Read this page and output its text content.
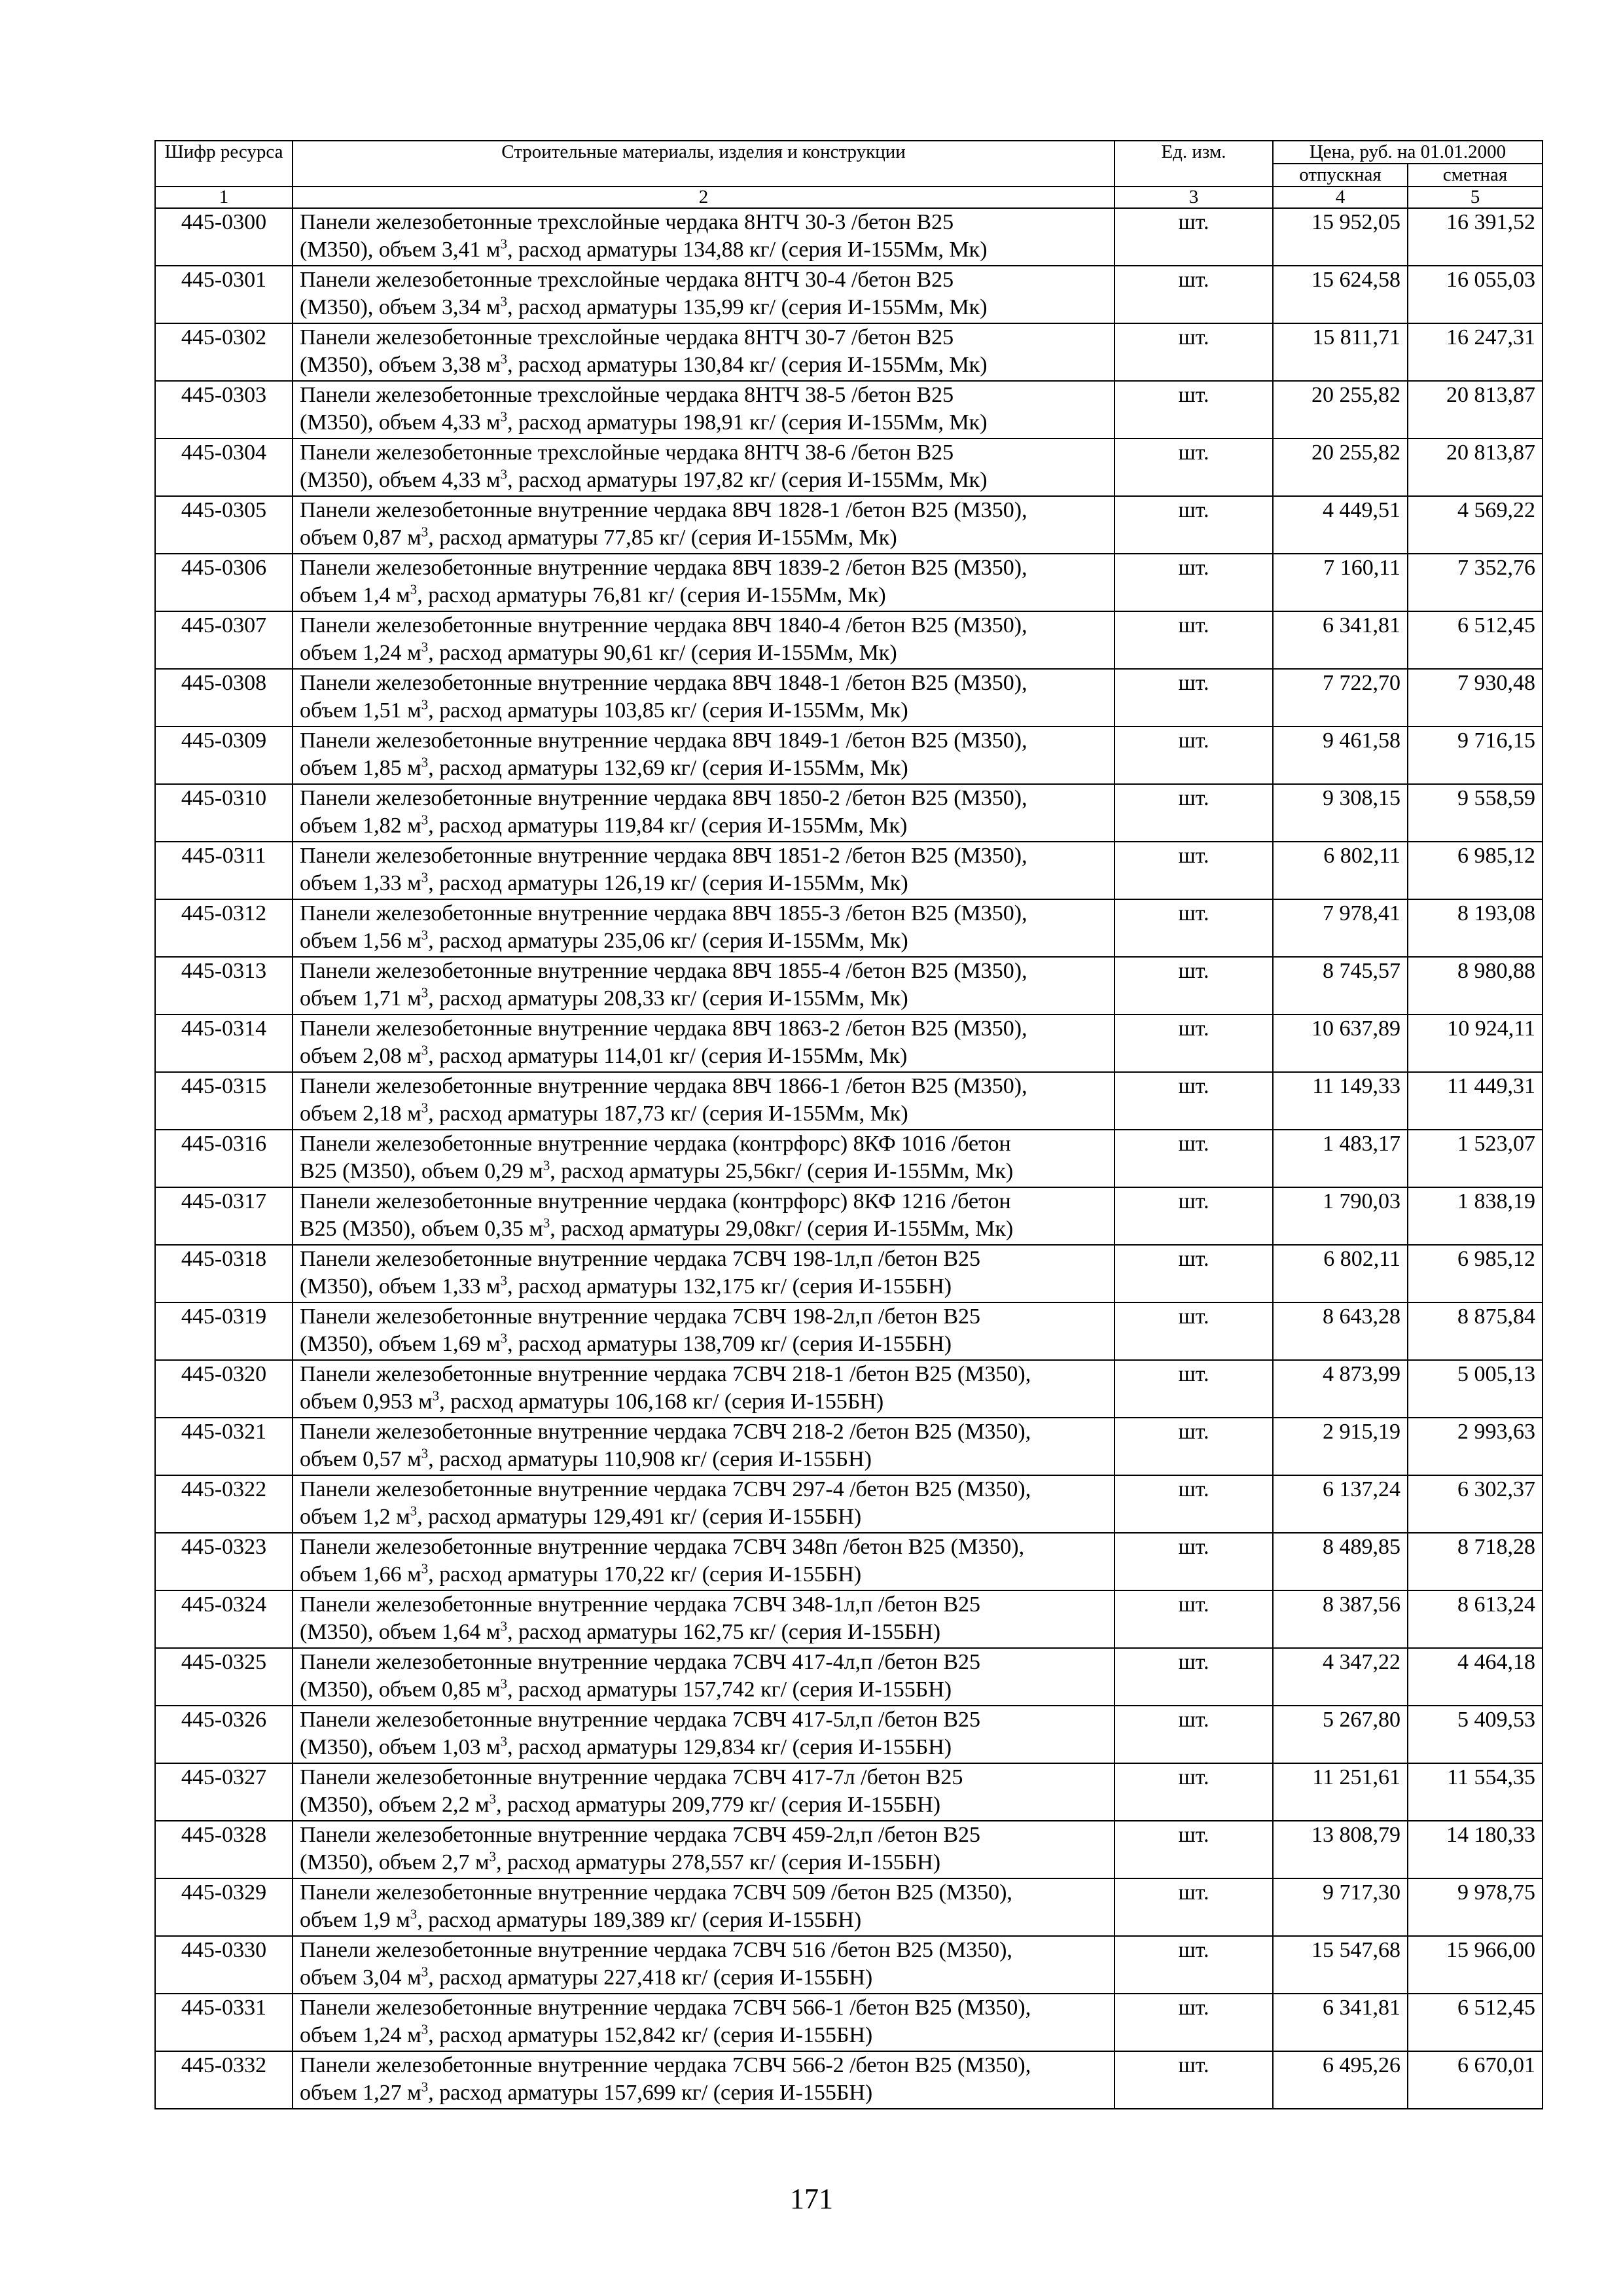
Шифр ресурса	Строительные материалы, изделия и конструкции	Ед. изм.	Цена, руб. на 01.01.2000	
			отпускная	сметная
1	2	3	4	5
445-0300	Панели железобетонные трехслойные чердака 8НТЧ 30-3 /бетон В25
(М350), объем 3,41 $м^3$, расход арматуры 134,88 кг/ (серия И-155Мм, Мк)	шт.	15 952,05	16 391,52
445-0301	Панели железобетонные трехслойные чердака 8НТЧ 30-4 /бетон В25
(М350), объем 3,34 $м^3$, расход арматуры 135,99 кг/ (серия И-155Мм, Мк)	шт.	15 624,58	16 055,03
445-0302	Панели железобетонные трехслойные чердака 8НТЧ 30-7 /бетон В25
(М350), объем 3,38 $м^3$, расход арматуры 130,84 кг/ (серия И-155Мм, Мк)	шт.	15 811,71	16 247,31
445-0303	Панели железобетонные трехслойные чердака 8НТЧ 38-5 /бетон В25
(М350), объем 4,33 $м^3$, расход арматуры 198,91 кг/ (серия И-155Мм, Мк)	шт.	20 255,82	20 813,87
445-0304	Панели железобетонные трехслойные чердака 8НТЧ 38-6 /бетон В25
(М350), объем 4,33 $м^3$, расход арматуры 197,82 кг/ (серия И-155Мм, Мк)	шт.	20 255,82	20 813,87
445-0305	Панели железобетонные внутренние чердака 8ВЧ 1828-1 /бетон В25 (М350),
объем 0,87 $м^3$, расход арматуры 77,85 кг/ (серия И-155Мм, Мк)	шт.	4 449,51	4 569,22
445-0306	Панели железобетонные внутренние чердака 8ВЧ 1839-2 /бетон В25 (М350),
объем 1,4 $м^3$, расход арматуры 76,81 кг/ (серия И-155Мм, Мк)	шт.	7 160,11	7 352,76
445-0307	Панели железобетонные внутренние чердака 8ВЧ 1840-4 /бетон В25 (М350),
объем 1,24 $м^3$, расход арматуры 90,61 кг/ (серия И-155Мм, Мк)	шт.	6 341,81	6 512,45
445-0308	Панели железобетонные внутренние чердака 8ВЧ 1848-1 /бетон В25 (М350),
объем 1,51 $м^3$, расход арматуры 103,85 кг/ (серия И-155Мм, Мк)	шт.	7 722,70	7 930,48
445-0309	Панели железобетонные внутренние чердака 8ВЧ 1849-1 /бетон В25 (М350),
объем 1,85 $м^3$, расход арматуры 132,69 кг/ (серия И-155Мм, Мк)	шт.	9 461,58	9 716,15
445-0310	Панели железобетонные внутренние чердака 8ВЧ 1850-2 /бетон В25 (М350),
объем 1,82 $м^3$, расход арматуры 119,84 кг/ (серия И-155Мм, Мк)	шт.	9 308,15	9 558,59
445-0311	Панели железобетонные внутренние чердака 8ВЧ 1851-2 /бетон В25 (М350),
объем 1,33 $м^3$, расход арматуры 126,19 кг/ (серия И-155Мм, Мк)	шт.	6 802,11	6 985,12
445-0312	Панели железобетонные внутренние чердака 8ВЧ 1855-3 /бетон В25 (М350),
объем 1,56 $м^3$, расход арматуры 235,06 кг/ (серия И-155Мм, Мк)	шт.	7 978,41	8 193,08
445-0313	Панели железобетонные внутренние чердака 8ВЧ 1855-4 /бетон В25 (М350),
объем 1,71 $м^3$, расход арматуры 208,33 кг/ (серия И-155Мм, Мк)	шт.	8 745,57	8 980,88
445-0314	Панели железобетонные внутренние чердака 8ВЧ 1863-2 /бетон В25 (М350),
объем 2,08 $м^3$, расход арматуры 114,01 кг/ (серия И-155Мм, Мк)	шт.	10 637,89	10 924,11
445-0315	Панели железобетонные внутренние чердака 8ВЧ 1866-1 /бетон В25 (М350),
объем 2,18 $м^3$, расход арматуры 187,73 кг/ (серия И-155Мм, Мк)	шт.	11 149,33	11 449,31
445-0316	Панели железобетонные внутренние чердака (контрфорс) 8КФ 1016 /бетон
В25 (М350), объем 0,29 $м^3$, расход арматуры 25,56кг/ (серия И-155Мм, Мк)	шт.	1 483,17	1 523,07
445-0317	Панели железобетонные внутренние чердака (контрфорс) 8КФ 1216 /бетон
В25 (М350), объем 0,35 $м^3$, расход арматуры 29,08кг/ (серия И-155Мм, Мк)	шт.	1 790,03	1 838,19
445-0318	Панели железобетонные внутренние чердака 7СВЧ 198-1л,п /бетон В25
(М350), объем 1,33 $м^3$, расход арматуры 132,175 кг/ (серия И-155БН)	шт.	6 802,11	6 985,12
445-0319	Панели железобетонные внутренние чердака 7СВЧ 198-2л,п /бетон В25
(М350), объем 1,69 $м^3$, расход арматуры 138,709 кг/ (серия И-155БН)	шт.	8 643,28	8 875,84
445-0320	Панели железобетонные внутренние чердака 7СВЧ 218-1 /бетон В25 (М350),
объем 0,953 $м^3$, расход арматуры 106,168 кг/ (серия И-155БН)	шт.	4 873,99	5 005,13
445-0321	Панели железобетонные внутренние чердака 7СВЧ 218-2 /бетон В25 (М350),
объем 0,57 $м^3$, расход арматуры 110,908 кг/ (серия И-155БН)	шт.	2 915,19	2 993,63
445-0322	Панели железобетонные внутренние чердака 7СВЧ 297-4 /бетон В25 (М350),
объем 1,2 $м^3$, расход арматуры 129,491 кг/ (серия И-155БН)	шт.	6 137,24	6 302,37
445-0323	Панели железобетонные внутренние чердака 7СВЧ 348п /бетон В25 (М350),
объем 1,66 $м^3$, расход арматуры 170,22 кг/ (серия И-155БН)	шт.	8 489,85	8 718,28
445-0324	Панели железобетонные внутренние чердака 7СВЧ 348-1л,п /бетон В25
(М350), объем 1,64 $м^3$, расход арматуры 162,75 кг/ (серия И-155БН)	шт.	8 387,56	8 613,24
445-0325	Панели железобетонные внутренние чердака 7СВЧ 417-4л,п /бетон В25
(М350), объем 0,85 $м^3$, расход арматуры 157,742 кг/ (серия И-155БН)	шт.	4 347,22	4 464,18
445-0326	Панели железобетонные внутренние чердака 7СВЧ 417-5л,п /бетон В25
(М350), объем 1,03 $м^3$, расход арматуры 129,834 кг/ (серия И-155БН)	шт.	5 267,80	5 409,53
445-0327	Панели железобетонные внутренние чердака 7СВЧ 417-7л /бетон В25
(М350), объем 2,2 $м^3$, расход арматуры 209,779 кг/ (серия И-155БН)	шт.	11 251,61	11 554,35
445-0328	Панели железобетонные внутренние чердака 7СВЧ 459-2л,п /бетон В25
(М350), объем 2,7 $м^3$, расход арматуры 278,557 кг/ (серия И-155БН)	шт.	13 808,79	14 180,33
445-0329	Панели железобетонные внутренние чердака 7СВЧ 509 /бетон В25 (М350),
объем 1,9 $м^3$, расход арматуры 189,389 кг/ (серия И-155БН)	шт.	9 717,30	9 978,75
445-0330	Панели железобетонные внутренние чердака 7СВЧ 516 /бетон В25 (М350),
объем 3,04 $м^3$, расход арматуры 227,418 кг/ (серия И-155БН)	шт.	15 547,68	15 966,00
445-0331	Панели железобетонные внутренние чердака 7СВЧ 566-1 /бетон В25 (М350),
объем 1,24 $м^3$, расход арматуры 152,842 кг/ (серия И-155БН)	шт.	6 341,81	6 512,45
445-0332	Панели железобетонные внутренние чердака 7СВЧ 566-2 /бетон В25 (М350),
объем 1,27 $м^3$, расход арматуры 157,699 кг/ (серия И-155БН)	шт.	6 495,26	6 670,01
171
